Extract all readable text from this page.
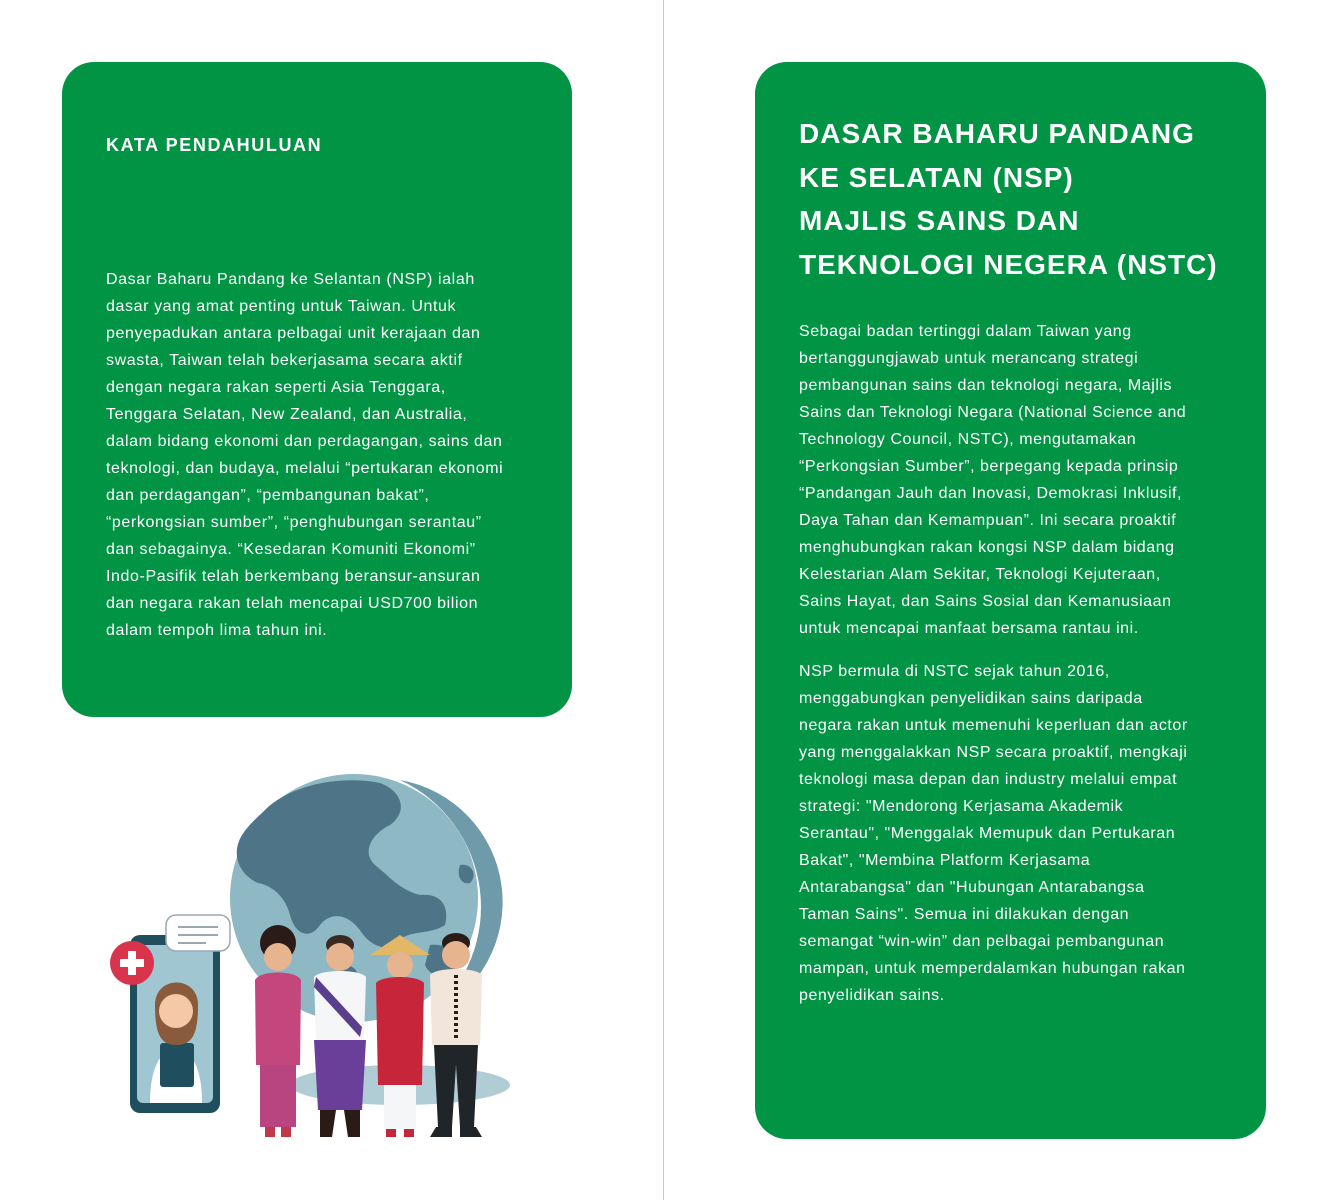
KATA PENDAHULUAN

Dasar Baharu Pandang ke Selantan (NSP) ialah
dasar yang amat penting untuk Taiwan. Untuk
penyepadukan antara pelbagai unit kerajaan dan
swasta, Taiwan telah bekerjasama secara aktif
dengan negara rakan seperti Asia Tenggara,
Tenggara Selatan, New Zealand, dan Australia,
dalam bidang ekonomi dan perdagangan, sains dan
teknologi, dan budaya, melalui “pertukaran ekonomi
dan perdagangan”, “pembangunan bakat”,
“perkongsian sumber”, “penghubungan serantau”
dan sebagainya. “Kesedaran Komuniti Ekonomi”
Indo-Pasifik telah berkembang beransur-ansuran
dan negara rakan telah mencapai USD700 bilion
dalam tempoh lima tahun ini.

DASAR BAHARU PANDANG
KE SELATAN (NSP)
MAJLIS SAINS DAN
TEKNOLOGI NEGERA (NSTC)

Sebagai badan tertinggi dalam Taiwan yang
bertanggungjawab untuk merancang strategi
pembangunan sains dan teknologi negara, Majlis
Sains dan Teknologi Negara (National Science and
Technology Council, NSTC), mengutamakan
“Perkongsian Sumber”, berpegang kepada prinsip
“Pandangan Jauh dan Inovasi, Demokrasi Inklusif,
Daya Tahan dan Kemampuan”. Ini secara proaktif
menghubungkan rakan kongsi NSP dalam bidang
Kelestarian Alam Sekitar, Teknologi Kejuteraan,
Sains Hayat, dan Sains Sosial dan Kemanusiaan
untuk mencapai manfaat bersama rantau ini.

NSP bermula di NSTC sejak tahun 2016,
menggabungkan penyelidikan sains daripada
negara rakan untuk memenuhi keperluan dan actor
yang menggalakkan NSP secara proaktif, mengkaji
teknologi masa depan dan industry melalui empat
strategi: "Mendorong Kerjasama Akademik
Serantau", "Menggalak Memupuk dan Pertukaran
Bakat", "Membina Platform Kerjasama
Antarabangsa" dan "Hubungan Antarabangsa
Taman Sains". Semua ini dilakukan dengan
semangat “win-win” dan pelbagai pembangunan
mampan, untuk memperdalamkan hubungan rakan
penyelidikan sains.
